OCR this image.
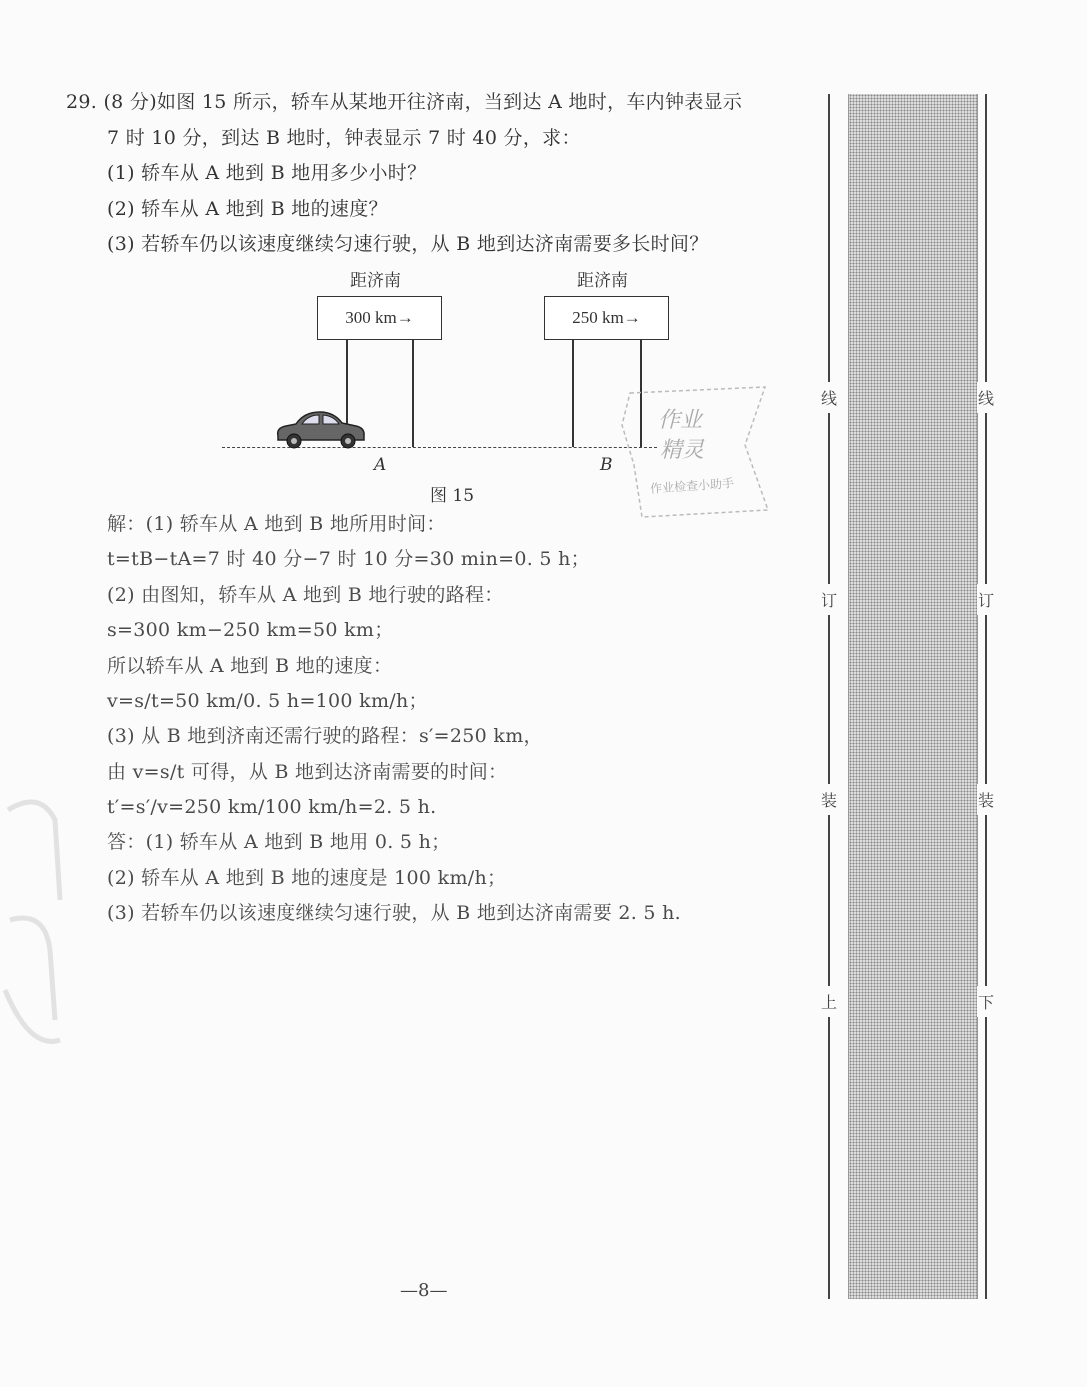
29. (8 分)如图 15 所示，轿车从某地开往济南，当到达 A 地时，车内钟表显示
7 时 10 分，到达 B 地时，钟表显示 7 时 40 分，求：
(1) 轿车从 A 地到 B 地用多少小时？
(2) 轿车从 A 地到 B 地的速度？
(3) 若轿车仍以该速度继续匀速行驶，从 B 地到达济南需要多长时间？
距济南
300 km→
距济南
250 km→
A	B
图 15
作业
精灵
作业检查小助手
解：(1) 轿车从 A 地到 B 地所用时间：
t=tB−tA=7 时 40 分−7 时 10 分=30 min=0. 5 h；
(2) 由图知，轿车从 A 地到 B 地行驶的路程：
s=300 km−250 km=50 km；
所以轿车从 A 地到 B 地的速度：
v=s/t=50 km/0. 5 h=100 km/h；
(3) 从 B 地到济南还需行驶的路程：s′=250 km，
由 v=s/t 可得，从 B 地到达济南需要的时间：
t′=s′/v=250 km/100 km/h=2. 5 h.
答：(1) 轿车从 A 地到 B 地用 0. 5 h；
(2) 轿车从 A 地到 B 地的速度是 100 km/h；
(3) 若轿车仍以该速度继续匀速行驶，从 B 地到达济南需要 2. 5 h.
线
订
装
上
线
订
装
下
—8—
